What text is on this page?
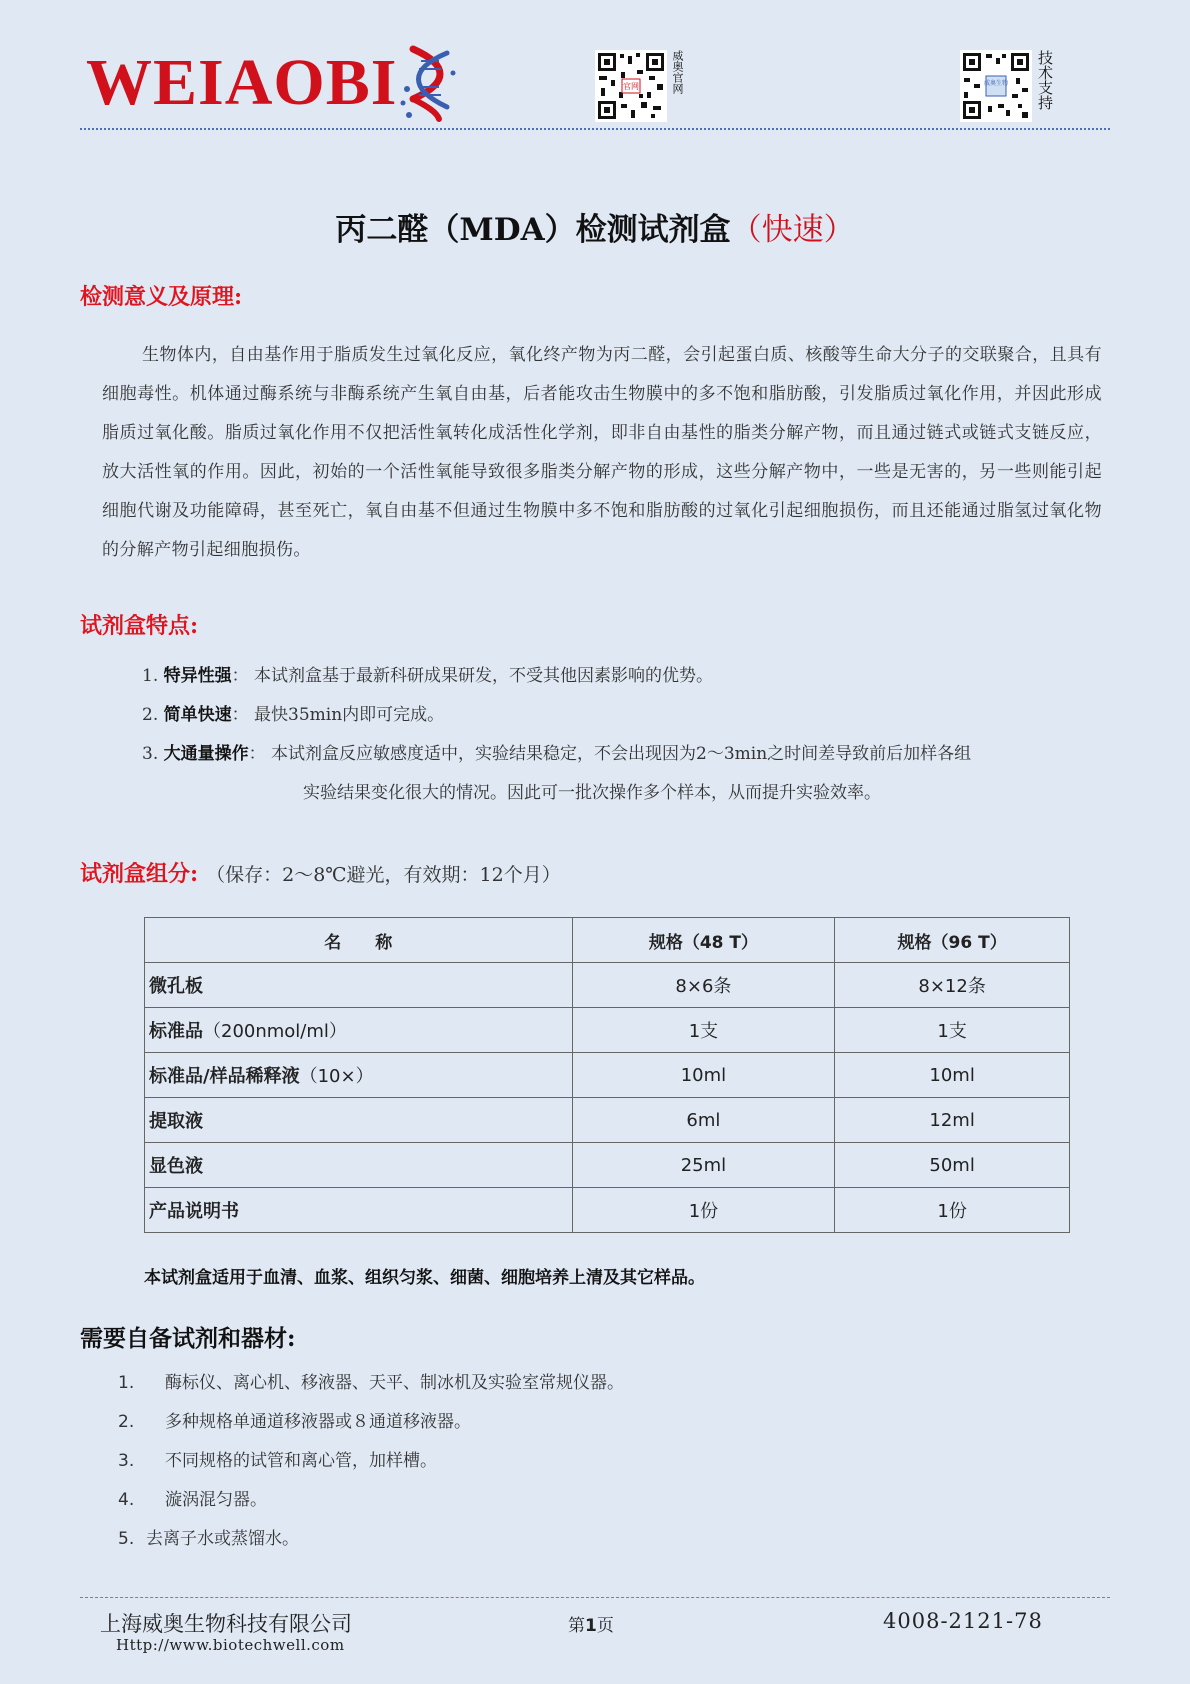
WEIAOBI	官网	威奥官网	威奥生物 技术支持
丙二醛（MDA）检测试剂盒（快速）
检测意义及原理:
生物体内，自由基作用于脂质发生过氧化反应，氧化终产物为丙二醛，会引起蛋白质、核酸等生命大分子的交联聚合，且具有细胞毒性。机体通过酶系统与非酶系统产生氧自由基，后者能攻击生物膜中的多不饱和脂肪酸，引发脂质过氧化作用，并因此形成脂质过氧化酸。脂质过氧化作用不仅把活性氧转化成活性化学剂，即非自由基性的脂类分解产物，而且通过链式或链式支链反应，放大活性氧的作用。因此，初始的一个活性氧能导致很多脂类分解产物的形成，这些分解产物中，一些是无害的，另一些则能引起细胞代谢及功能障碍，甚至死亡，氧自由基不但通过生物膜中多不饱和脂肪酸的过氧化引起细胞损伤，而且还能通过脂氢过氧化物的分解产物引起细胞损伤。
试剂盒特点:
1. 特异性强： 本试剂盒基于最新科研成果研发，不受其他因素影响的优势。
2. 简单快速： 最快35min内即可完成。
3. 大通量操作： 本试剂盒反应敏感度适中，实验结果稳定，不会出现因为2～3min之时间差导致前后加样各组
实验结果变化很大的情况。因此可一批次操作多个样本，从而提升实验效率。
试剂盒组分: （保存：2～8℃避光，有效期：12个月）
名　　称	规格（48 T）	规格（96 T）
微孔板	8×6条	8×12条
标准品（200nmol/ml）	1支	1支
标准品/样品稀释液（10×）	10ml	10ml
提取液	6ml	12ml
显色液	25ml	50ml
产品说明书	1份	1份
本试剂盒适用于血清、血浆、组织匀浆、细菌、细胞培养上清及其它样品。
需要自备试剂和器材:
1.	酶标仪、离心机、移液器、天平、制冰机及实验室常规仪器。
2.	多种规格单通道移液器或８通道移液器。
3.	不同规格的试管和离心管，加样槽。
4.	漩涡混匀器。
5. 去离子水或蒸馏水。
上海威奥生物科技有限公司
Http://www.biotechwell.com
第1页	4008-2121-78
